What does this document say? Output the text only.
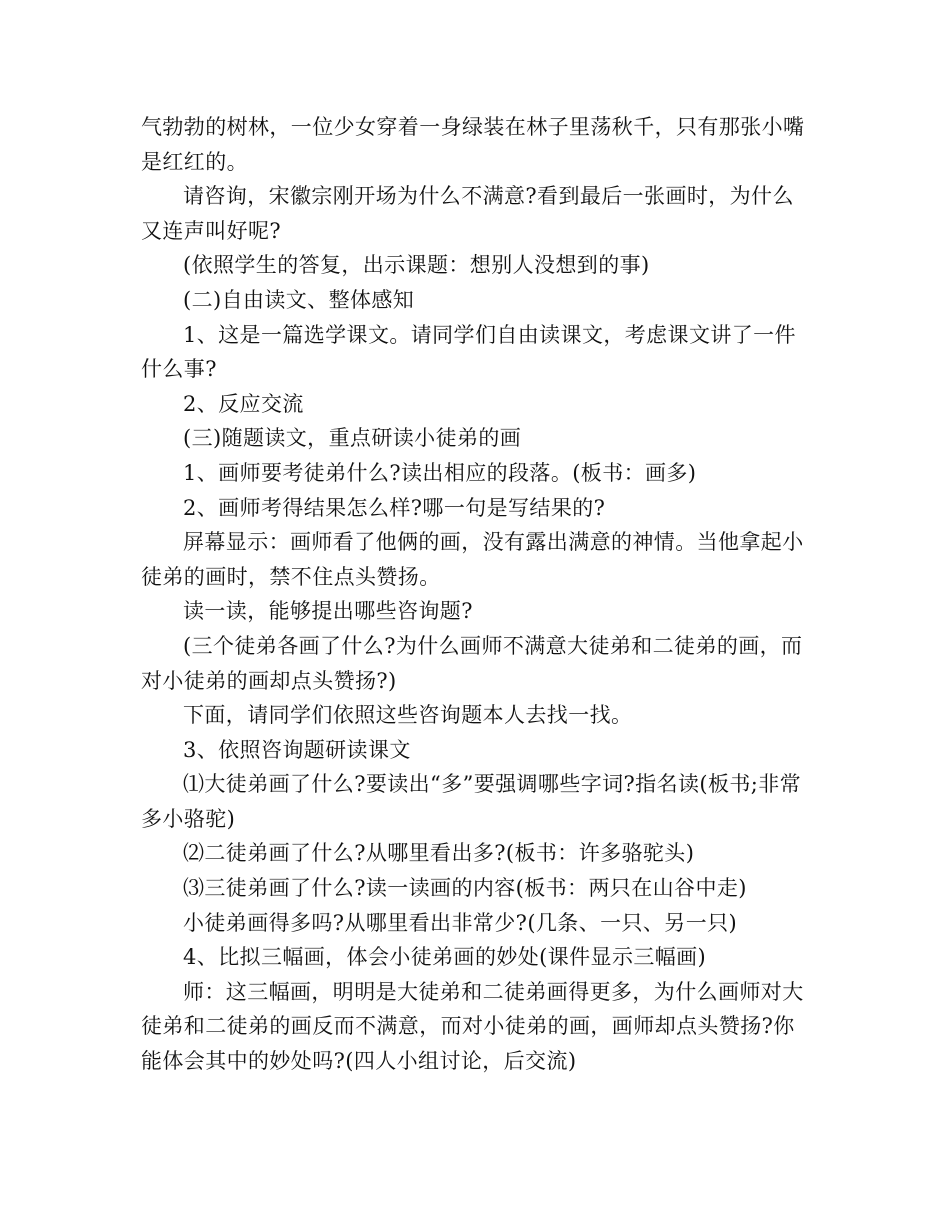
气勃勃的树林，一位少女穿着一身绿装在林子里荡秋千，只有那张小嘴是红红的。

请咨询，宋徽宗刚开场为什么不满意?看到最后一张画时，为什么又连声叫好呢?

(依照学生的答复，出示课题：想别人没想到的事)

(二)自由读文、整体感知

1、这是一篇选学课文。请同学们自由读课文，考虑课文讲了一件什么事?

2、反应交流

(三)随题读文，重点研读小徒弟的画

1、画师要考徒弟什么?读出相应的段落。(板书：画多)

2、画师考得结果怎么样?哪一句是写结果的?

屏幕显示：画师看了他俩的画，没有露出满意的神情。当他拿起小徒弟的画时，禁不住点头赞扬。

读一读，能够提出哪些咨询题?

(三个徒弟各画了什么?为什么画师不满意大徒弟和二徒弟的画，而对小徒弟的画却点头赞扬?)

下面，请同学们依照这些咨询题本人去找一找。

3、依照咨询题研读课文

⑴大徒弟画了什么?要读出“多”要强调哪些字词?指名读(板书;非常多小骆驼)

⑵二徒弟画了什么?从哪里看出多?(板书：许多骆驼头)

⑶三徒弟画了什么?读一读画的内容(板书：两只在山谷中走)

小徒弟画得多吗?从哪里看出非常少?(几条、一只、另一只)

4、比拟三幅画，体会小徒弟画的妙处(课件显示三幅画)

师：这三幅画，明明是大徒弟和二徒弟画得更多，为什么画师对大徒弟和二徒弟的画反而不满意，而对小徒弟的画，画师却点头赞扬?你能体会其中的妙处吗?(四人小组讨论，后交流)
